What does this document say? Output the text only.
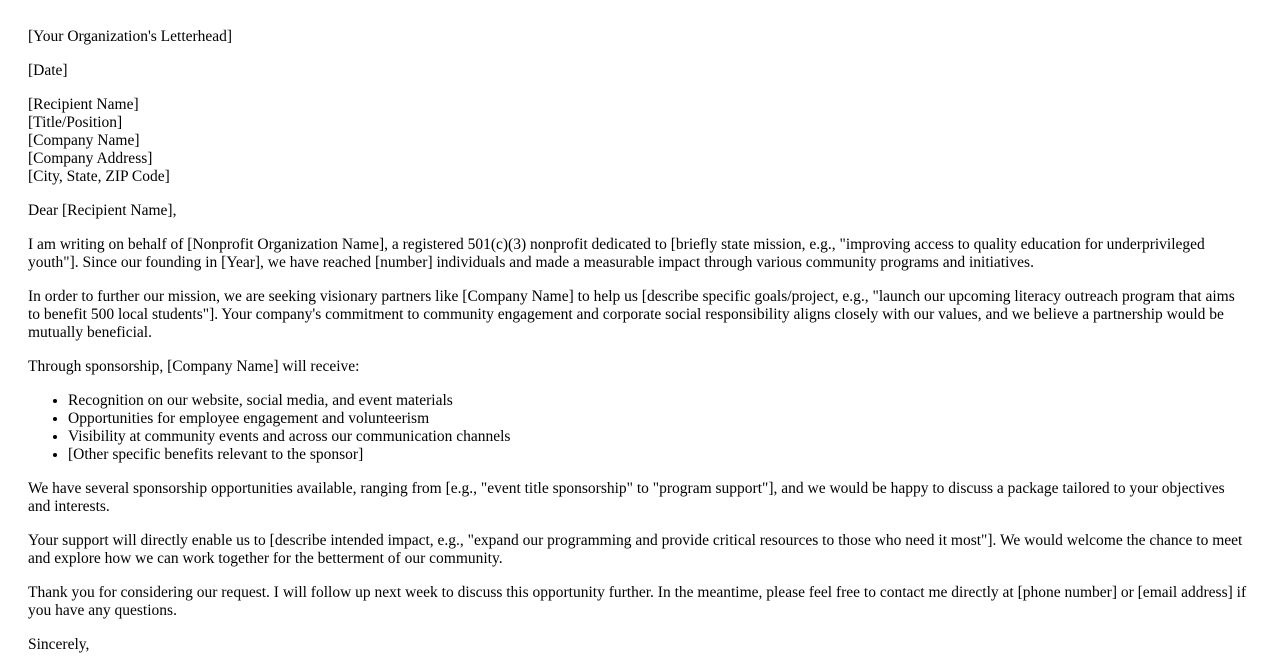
[Your Organization's Letterhead]

[Date]

[Recipient Name]
[Title/Position]
[Company Name]
[Company Address]
[City, State, ZIP Code]

Dear [Recipient Name],

I am writing on behalf of [Nonprofit Organization Name], a registered 501(c)(3) nonprofit dedicated to [briefly state mission, e.g., "improving access to quality education for underprivileged youth"]. Since our founding in [Year], we have reached [number] individuals and made a measurable impact through various community programs and initiatives.

In order to further our mission, we are seeking visionary partners like [Company Name] to help us [describe specific goals/project, e.g., "launch our upcoming literacy outreach program that aims to benefit 500 local students"]. Your company's commitment to community engagement and corporate social responsibility aligns closely with our values, and we believe a partnership would be mutually beneficial.

Through sponsorship, [Company Name] will receive:

• Recognition on our website, social media, and event materials
• Opportunities for employee engagement and volunteerism
• Visibility at community events and across our communication channels
• [Other specific benefits relevant to the sponsor]

We have several sponsorship opportunities available, ranging from [e.g., "event title sponsorship" to "program support"], and we would be happy to discuss a package tailored to your objectives and interests.

Your support will directly enable us to [describe intended impact, e.g., "expand our programming and provide critical resources to those who need it most"]. We would welcome the chance to meet and explore how we can work together for the betterment of our community.

Thank you for considering our request. I will follow up next week to discuss this opportunity further. In the meantime, please feel free to contact me directly at [phone number] or [email address] if you have any questions.

Sincerely,
